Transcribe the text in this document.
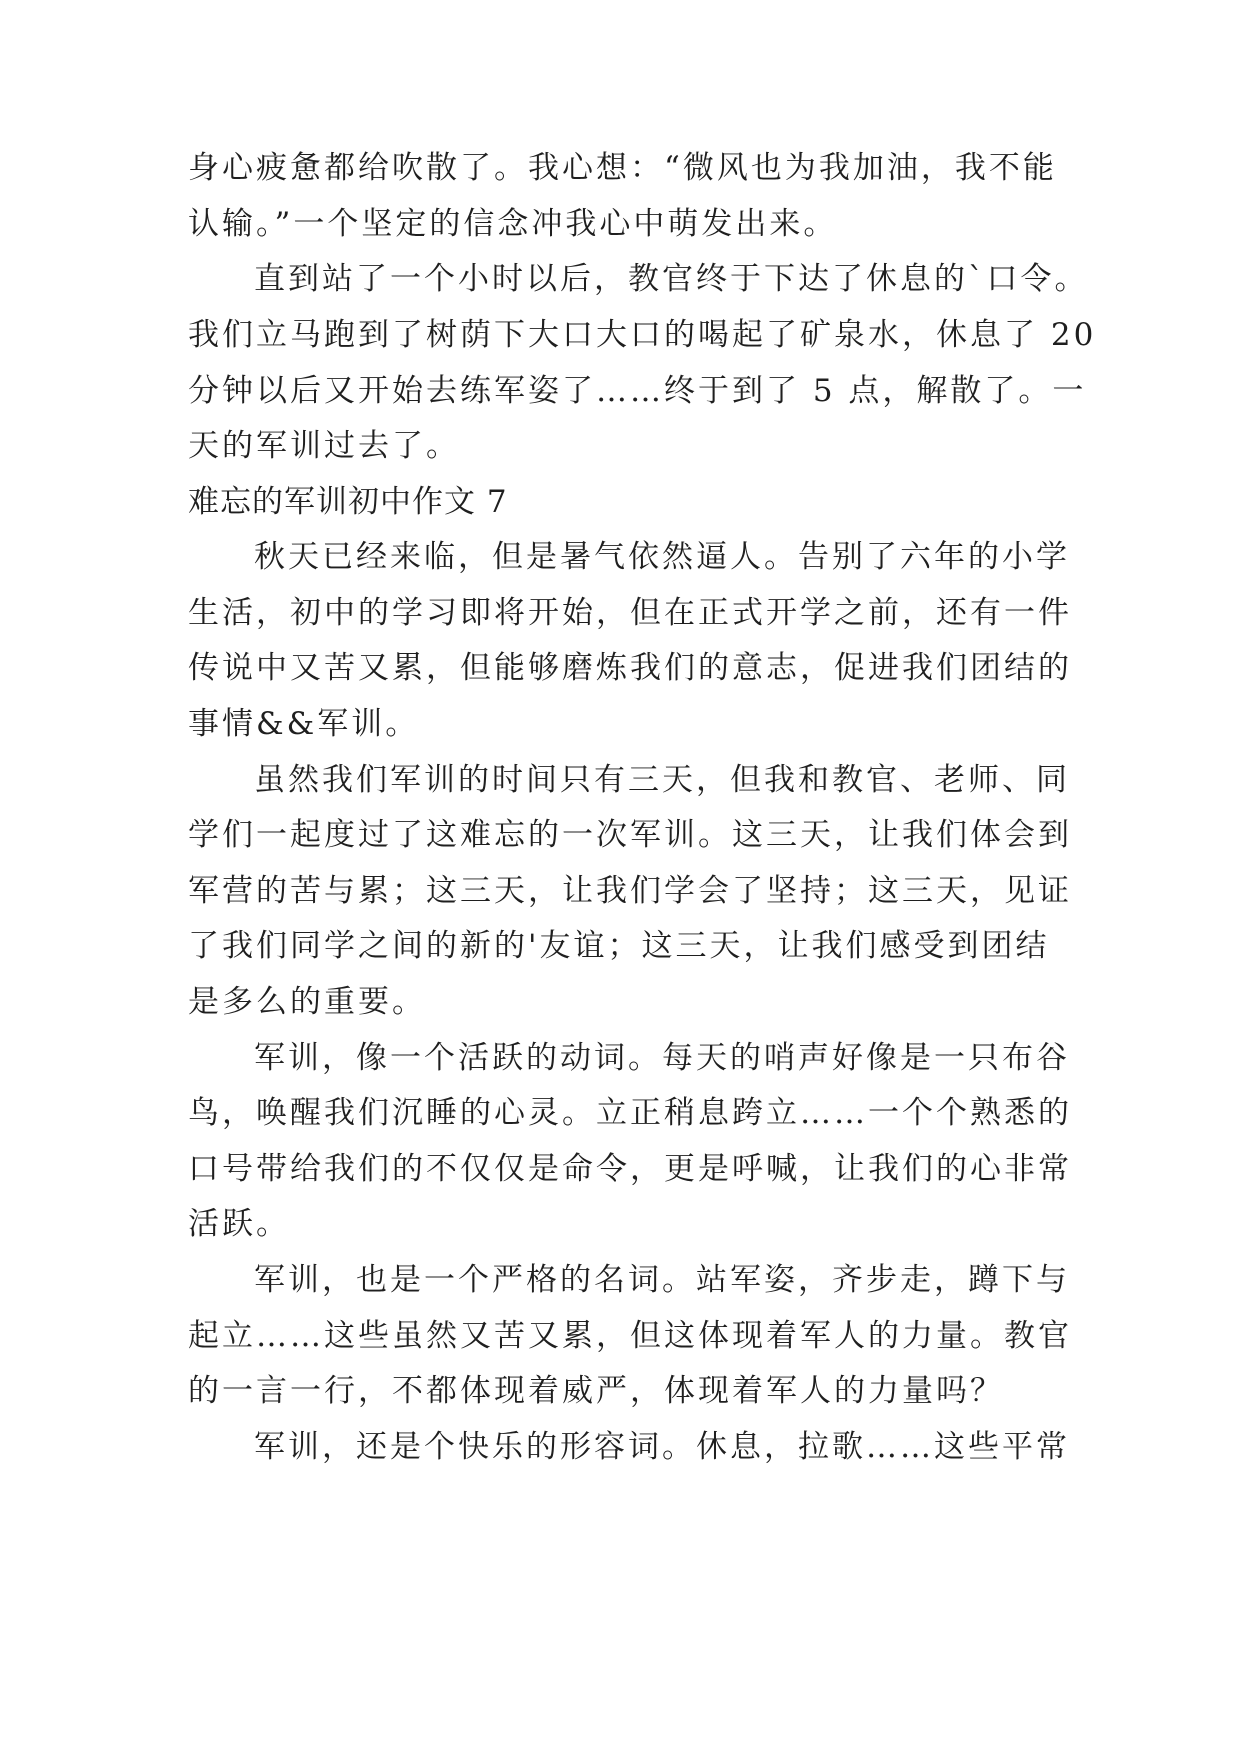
身心疲惫都给吹散了。我心想：“微风也为我加油，我不能

认输。”一个坚定的信念冲我心中萌发出来。

直到站了一个小时以后，教官终于下达了休息的`口令。

我们立马跑到了树荫下大口大口的喝起了矿泉水，休息了 20

分钟以后又开始去练军姿了……终于到了 5 点，解散了。一

天的军训过去了。

难忘的军训初中作文 7

秋天已经来临，但是暑气依然逼人。告别了六年的小学

生活，初中的学习即将开始，但在正式开学之前，还有一件

传说中又苦又累，但能够磨炼我们的意志，促进我们团结的

事情&&军训。

虽然我们军训的时间只有三天，但我和教官、老师、同

学们一起度过了这难忘的一次军训。这三天，让我们体会到

军营的苦与累；这三天，让我们学会了坚持；这三天，见证

了我们同学之间的新的'友谊；这三天，让我们感受到团结

是多么的重要。

军训，像一个活跃的动词。每天的哨声好像是一只布谷

鸟，唤醒我们沉睡的心灵。立正稍息跨立……一个个熟悉的

口号带给我们的不仅仅是命令，更是呼喊，让我们的心非常

活跃。

军训，也是一个严格的名词。站军姿，齐步走，蹲下与

起立……这些虽然又苦又累，但这体现着军人的力量。教官

的一言一行，不都体现着威严，体现着军人的力量吗？

军训，还是个快乐的形容词。休息，拉歌……这些平常
